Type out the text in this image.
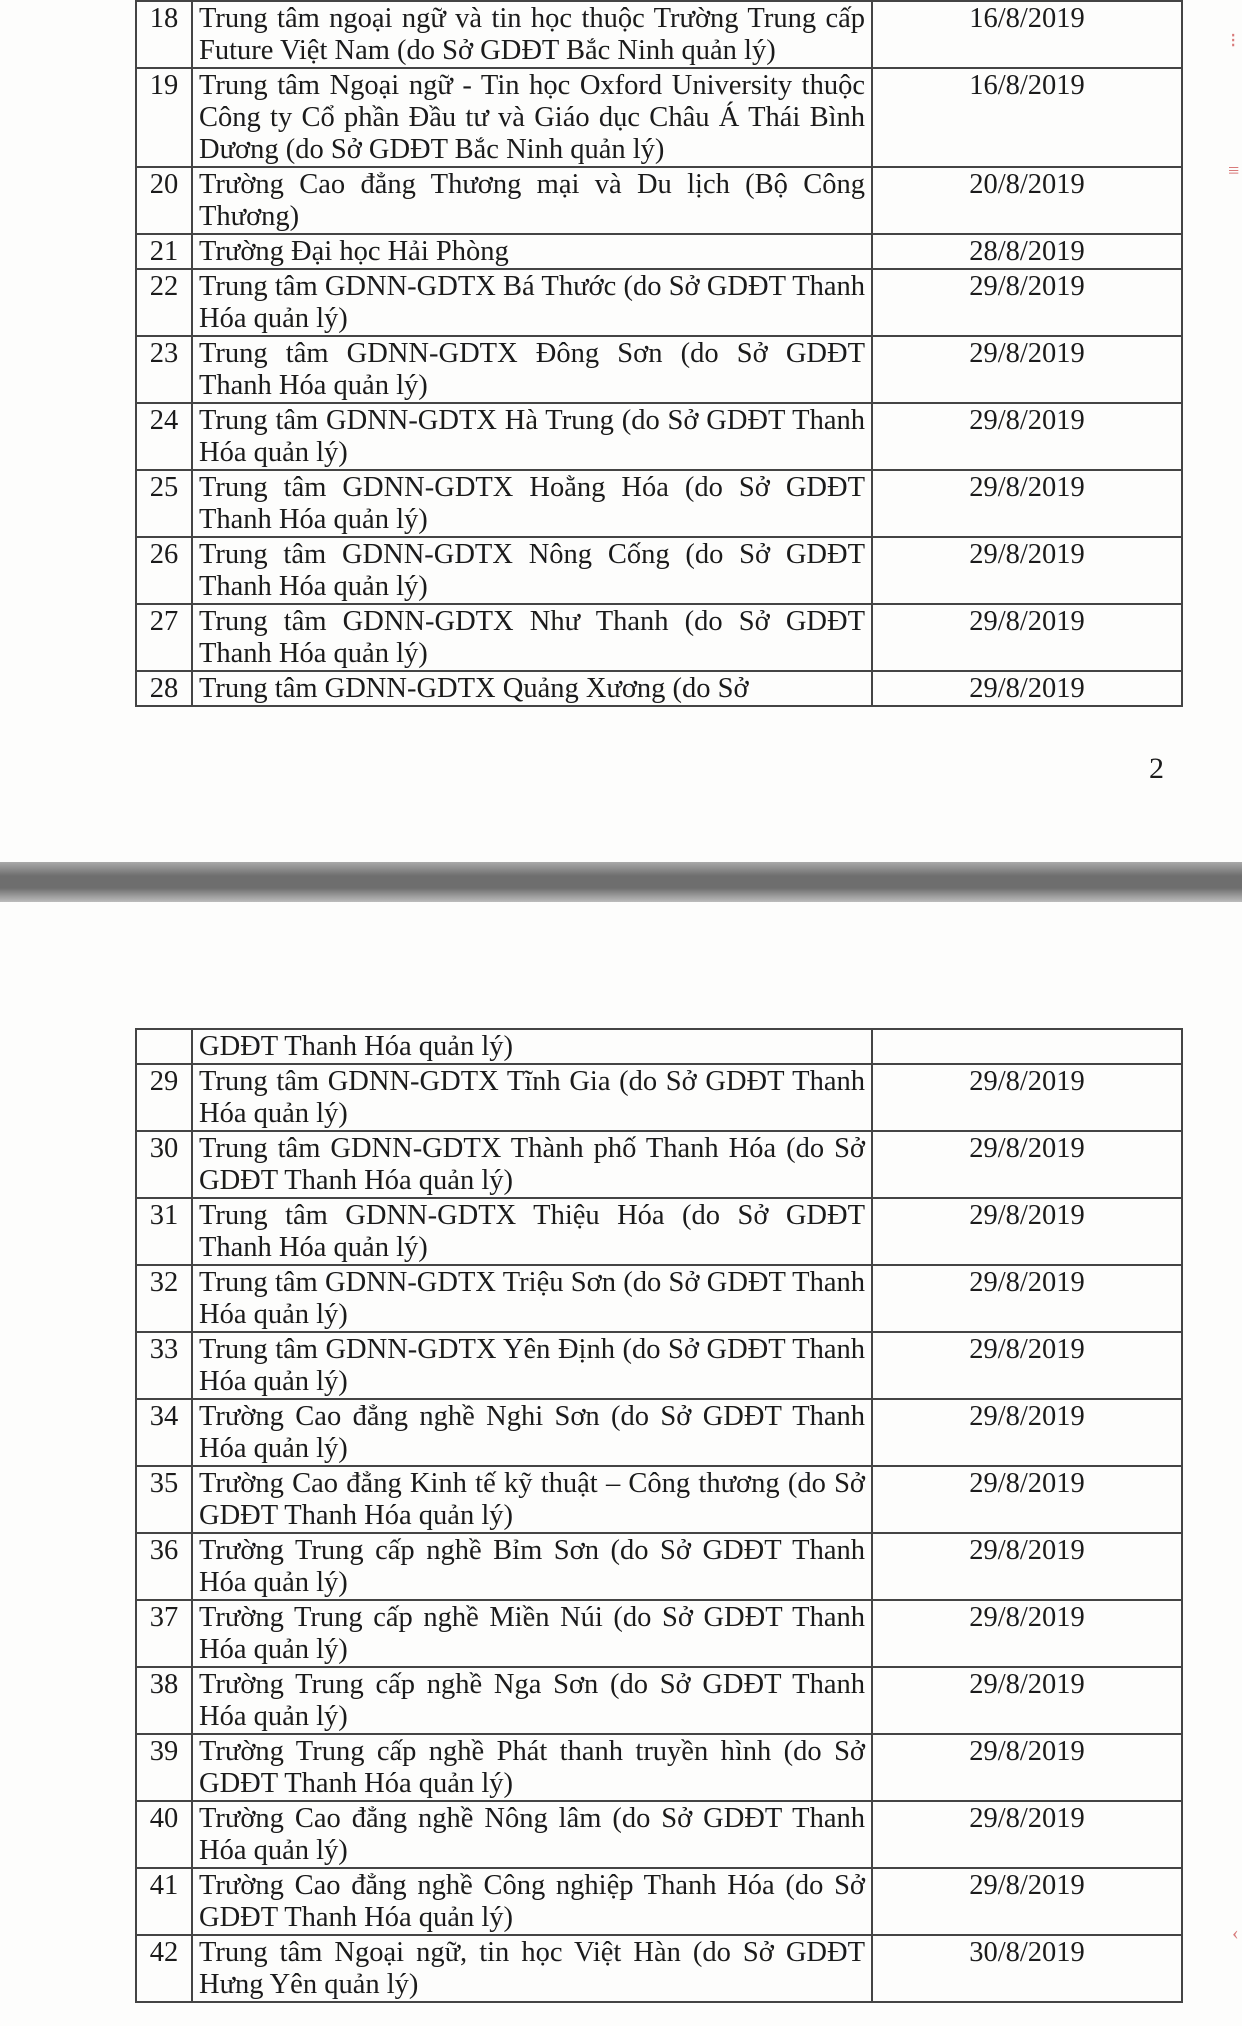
18	Trung tâm ngoại ngữ và tin học thuộc Trường Trung cấp Future Việt Nam (do Sở GDĐT Bắc Ninh quản lý)	16/8/2019
19	Trung tâm Ngoại ngữ - Tin học Oxford University thuộc Công ty Cổ phần Đầu tư và Giáo dục Châu Á Thái Bình Dương (do Sở GDĐT Bắc Ninh quản lý)	16/8/2019
20	Trường Cao đẳng Thương mại và Du lịch (Bộ Công Thương)	20/8/2019
21	Trường Đại học Hải Phòng	28/8/2019
22	Trung tâm GDNN-GDTX Bá Thước (do Sở GDĐT Thanh Hóa quản lý)	29/8/2019
23	Trung tâm GDNN-GDTX Đông Sơn (do Sở GDĐT Thanh Hóa quản lý)	29/8/2019
24	Trung tâm GDNN-GDTX Hà Trung (do Sở GDĐT Thanh Hóa quản lý)	29/8/2019
25	Trung tâm GDNN-GDTX Hoằng Hóa (do Sở GDĐT Thanh Hóa quản lý)	29/8/2019
26	Trung tâm GDNN-GDTX Nông Cống (do Sở GDĐT Thanh Hóa quản lý)	29/8/2019
27	Trung tâm GDNN-GDTX Như Thanh (do Sở GDĐT Thanh Hóa quản lý)	29/8/2019
28	Trung tâm GDNN-GDTX Quảng Xương (do Sở	29/8/2019
2
⁝
≡
	GDĐT Thanh Hóa quản lý)	
29	Trung tâm GDNN-GDTX Tĩnh Gia (do Sở GDĐT Thanh Hóa quản lý)	29/8/2019
30	Trung tâm GDNN-GDTX Thành phố Thanh Hóa (do Sở GDĐT Thanh Hóa quản lý)	29/8/2019
31	Trung tâm GDNN-GDTX Thiệu Hóa (do Sở GDĐT Thanh Hóa quản lý)	29/8/2019
32	Trung tâm GDNN-GDTX Triệu Sơn (do Sở GDĐT Thanh Hóa quản lý)	29/8/2019
33	Trung tâm GDNN-GDTX Yên Định (do Sở GDĐT Thanh Hóa quản lý)	29/8/2019
34	Trường Cao đẳng nghề Nghi Sơn (do Sở GDĐT Thanh Hóa quản lý)	29/8/2019
35	Trường Cao đẳng Kinh tế kỹ thuật – Công thương (do Sở GDĐT Thanh Hóa quản lý)	29/8/2019
36	Trường Trung cấp nghề Bỉm Sơn (do Sở GDĐT Thanh Hóa quản lý)	29/8/2019
37	Trường Trung cấp nghề Miền Núi (do Sở GDĐT Thanh Hóa quản lý)	29/8/2019
38	Trường Trung cấp nghề Nga Sơn (do Sở GDĐT Thanh Hóa quản lý)	29/8/2019
39	Trường Trung cấp nghề Phát thanh truyền hình (do Sở GDĐT Thanh Hóa quản lý)	29/8/2019
40	Trường Cao đẳng nghề Nông lâm (do Sở GDĐT Thanh Hóa quản lý)	29/8/2019
41	Trường Cao đẳng nghề Công nghiệp Thanh Hóa (do Sở GDĐT Thanh Hóa quản lý)	29/8/2019
42	Trung tâm Ngoại ngữ, tin học Việt Hàn (do Sở GDĐT Hưng Yên quản lý)	30/8/2019
‹
